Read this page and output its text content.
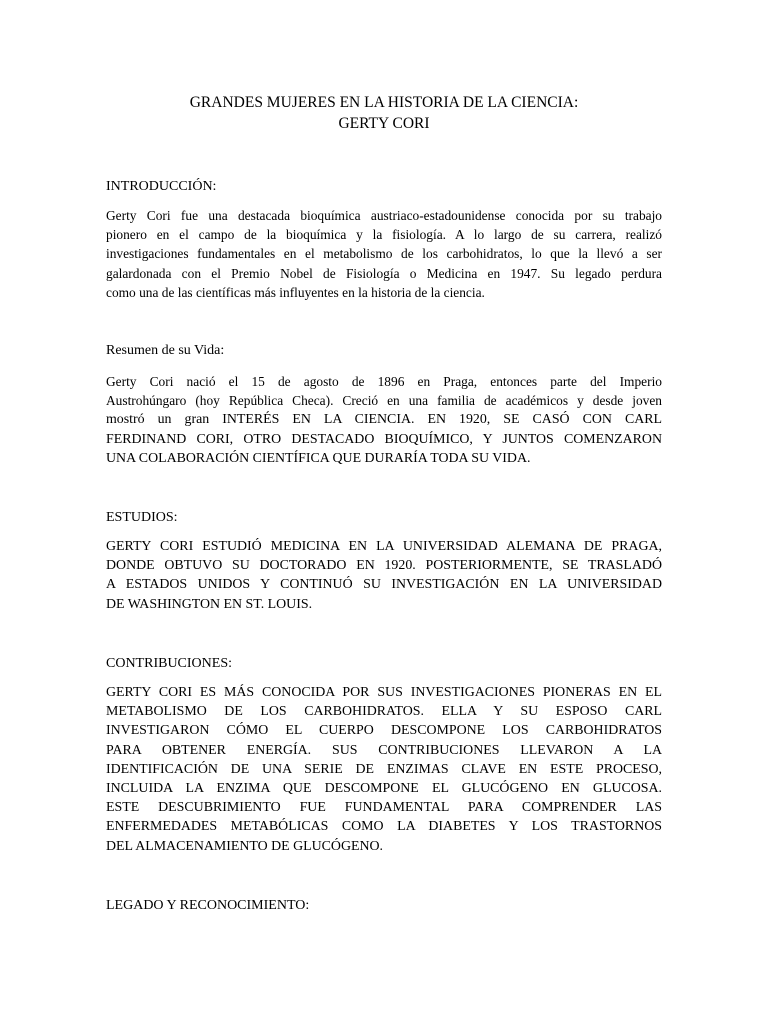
GRANDES MUJERES EN LA HISTORIA DE LA CIENCIA:
GERTY CORI
INTRODUCCIÓN:
Gerty Cori fue una destacada bioquímica austriaco-estadounidense conocida por su trabajo
pionero en el campo de la bioquímica y la fisiología. A lo largo de su carrera, realizó
investigaciones fundamentales en el metabolismo de los carbohidratos, lo que la llevó a ser
galardonada con el Premio Nobel de Fisiología o Medicina en 1947. Su legado perdura
como una de las científicas más influyentes en la historia de la ciencia.
Resumen de su Vida:
Gerty Cori nació el 15 de agosto de 1896 en Praga, entonces parte del Imperio
Austrohúngaro (hoy República Checa). Creció en una familia de académicos y desde joven
mostró un gran INTERÉS EN LA CIENCIA. EN 1920, SE CASÓ CON CARL
FERDINAND CORI, OTRO DESTACADO BIOQUÍMICO, Y JUNTOS COMENZARON
UNA COLABORACIÓN CIENTÍFICA QUE DURARÍA TODA SU VIDA.
ESTUDIOS:
GERTY CORI ESTUDIÓ MEDICINA EN LA UNIVERSIDAD ALEMANA DE PRAGA,
DONDE OBTUVO SU DOCTORADO EN 1920. POSTERIORMENTE, SE TRASLADÓ
A ESTADOS UNIDOS Y CONTINUÓ SU INVESTIGACIÓN EN LA UNIVERSIDAD
DE WASHINGTON EN ST. LOUIS.
CONTRIBUCIONES:
GERTY CORI ES MÁS CONOCIDA POR SUS INVESTIGACIONES PIONERAS EN EL
METABOLISMO DE LOS CARBOHIDRATOS. ELLA Y SU ESPOSO CARL
INVESTIGARON CÓMO EL CUERPO DESCOMPONE LOS CARBOHIDRATOS
PARA OBTENER ENERGÍA. SUS CONTRIBUCIONES LLEVARON A LA
IDENTIFICACIÓN DE UNA SERIE DE ENZIMAS CLAVE EN ESTE PROCESO,
INCLUIDA LA ENZIMA QUE DESCOMPONE EL GLUCÓGENO EN GLUCOSA.
ESTE DESCUBRIMIENTO FUE FUNDAMENTAL PARA COMPRENDER LAS
ENFERMEDADES METABÓLICAS COMO LA DIABETES Y LOS TRASTORNOS
DEL ALMACENAMIENTO DE GLUCÓGENO.
LEGADO Y RECONOCIMIENTO:
